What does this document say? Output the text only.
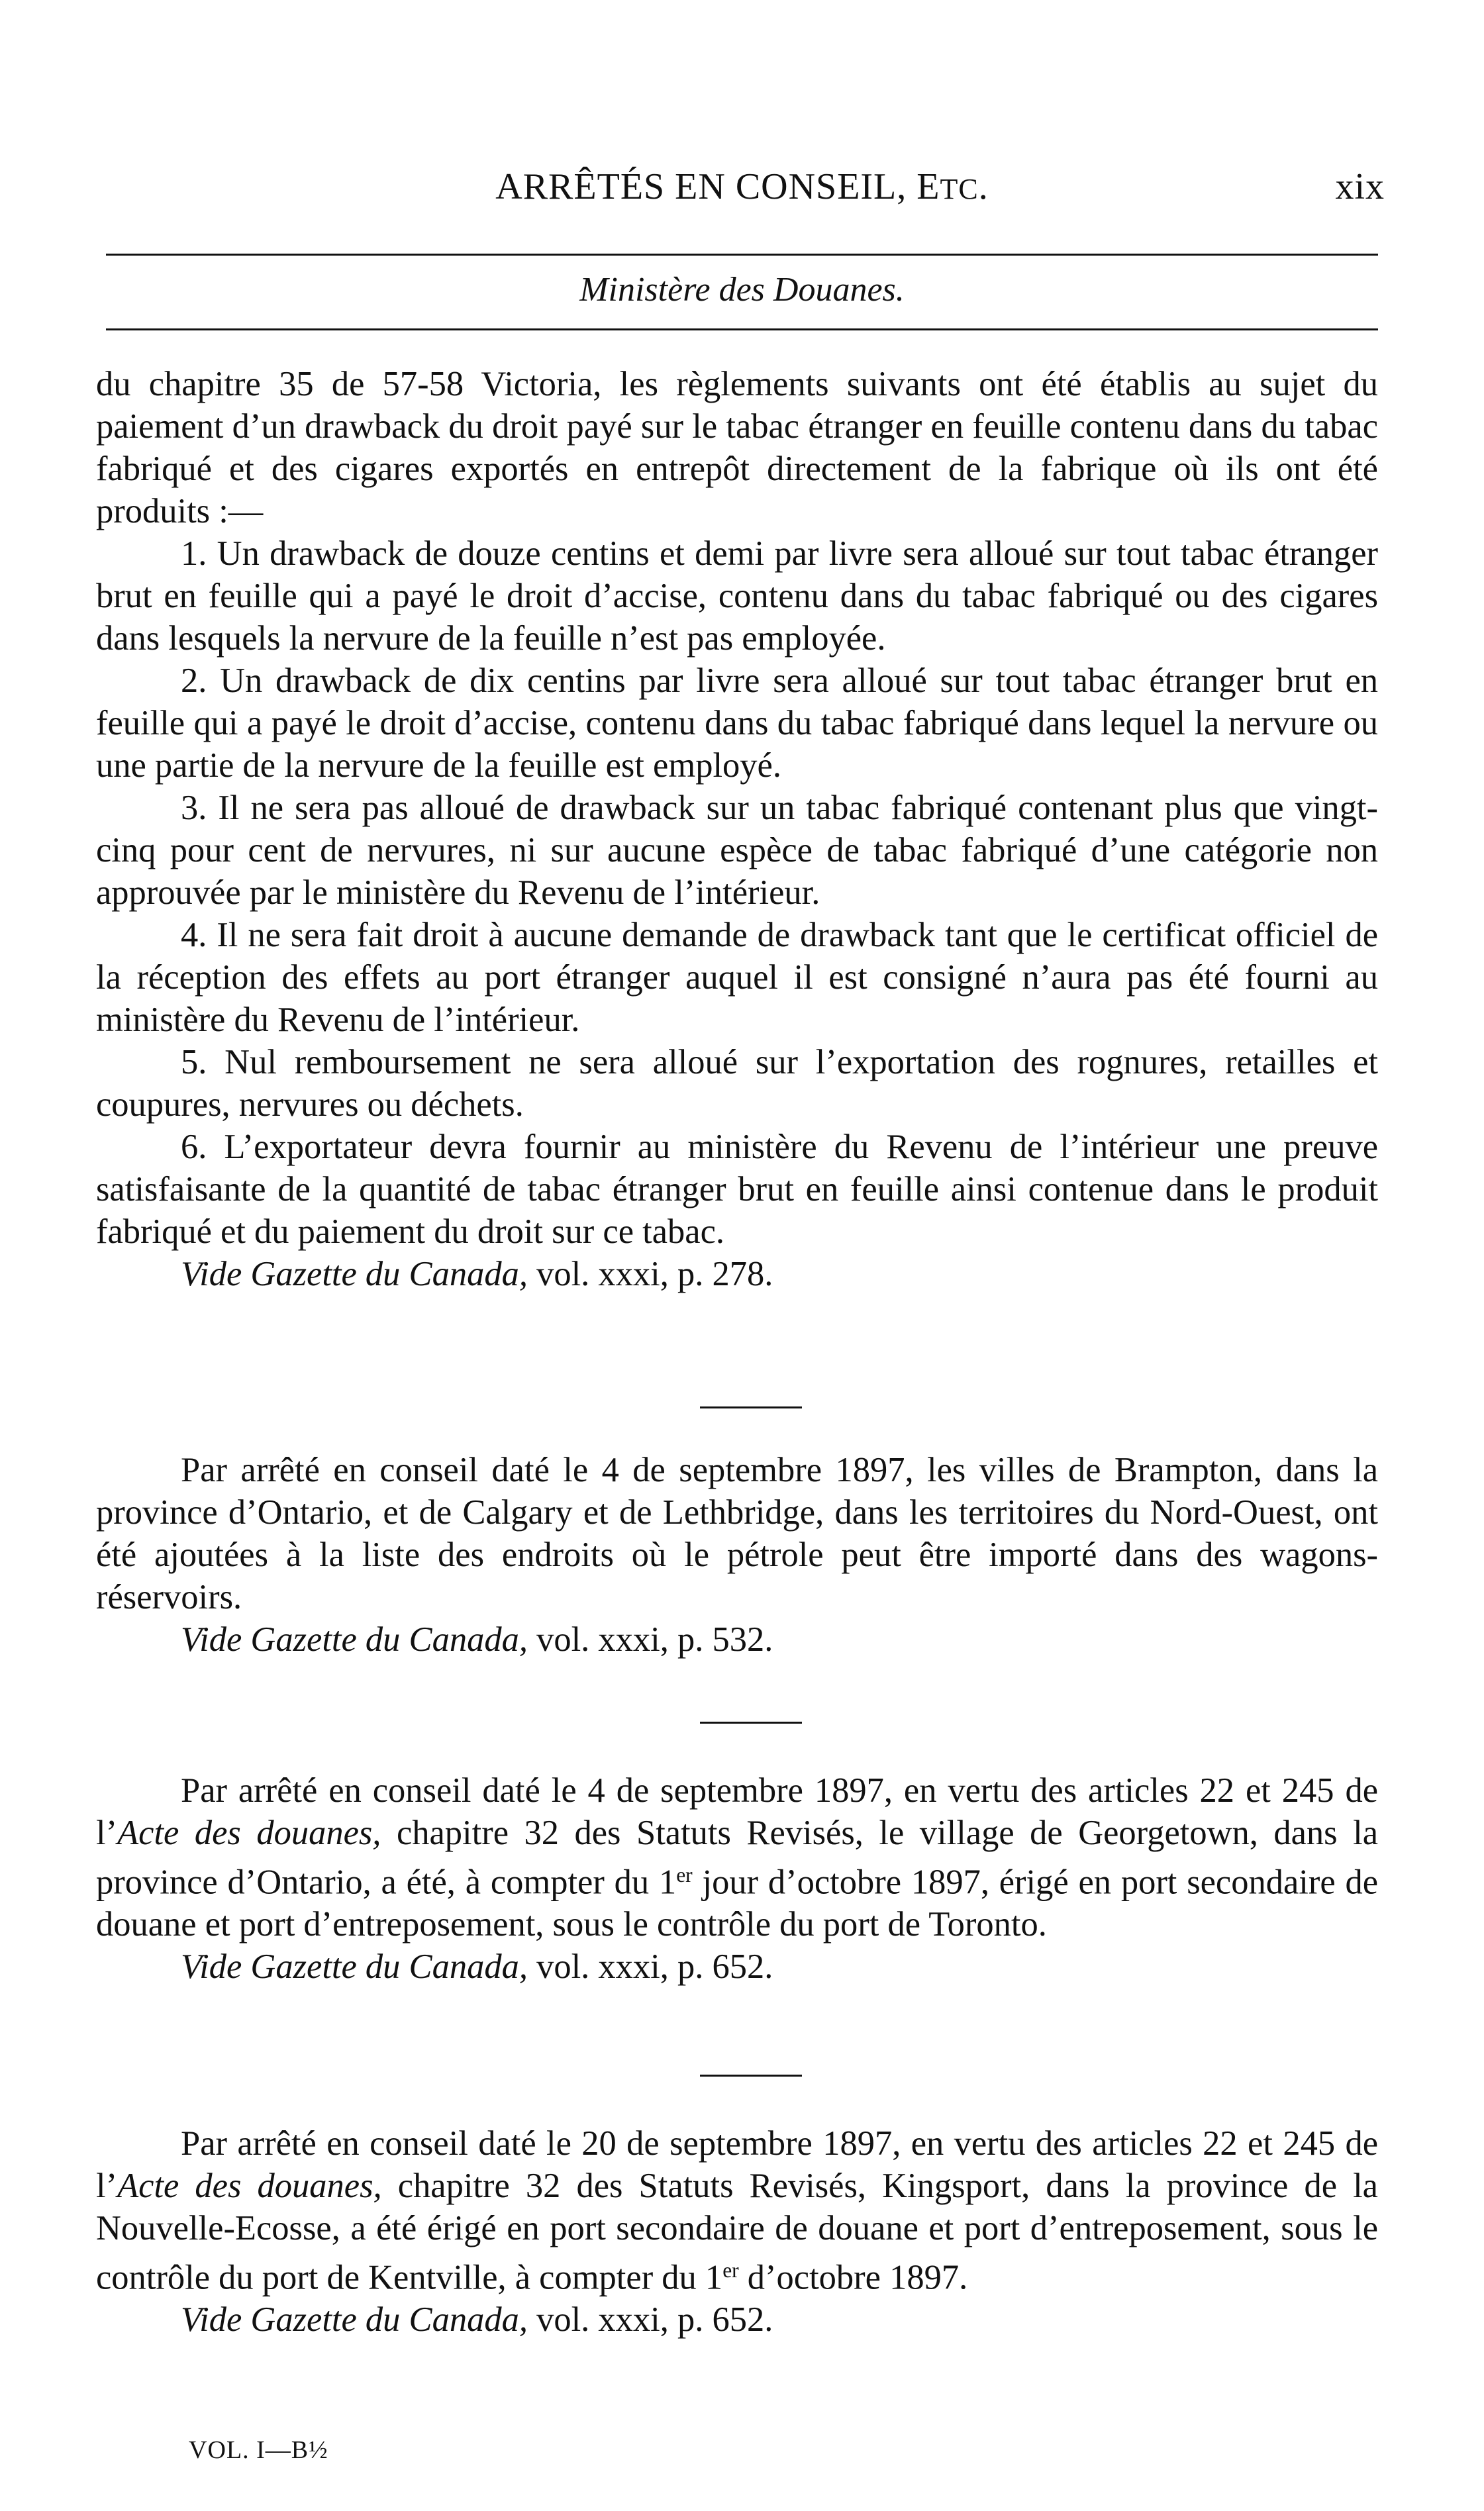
ARRÊTÉS EN CONSEIL, ETC.	xix
Ministère des Douanes.

du chapitre 35 de 57-58 Victoria, les règlements suivants ont été établis au sujet du paiement d’un drawback du droit payé sur le tabac étranger en feuille contenu dans du tabac fabriqué et des cigares exportés en entrepôt directement de la fabrique où ils ont été produits :—

1. Un drawback de douze centins et demi par livre sera alloué sur tout tabac étranger brut en feuille qui a payé le droit d’accise, contenu dans du tabac fabriqué ou des cigares dans lesquels la nervure de la feuille n’est pas employée.

2. Un drawback de dix centins par livre sera alloué sur tout tabac étranger brut en feuille qui a payé le droit d’accise, contenu dans du tabac fabriqué dans lequel la nervure ou une partie de la nervure de la feuille est employé.

3. Il ne sera pas alloué de drawback sur un tabac fabriqué contenant plus que vingt-cinq pour cent de nervures, ni sur aucune espèce de tabac fabriqué d’une catégorie non approuvée par le ministère du Revenu de l’intérieur.

4. Il ne sera fait droit à aucune demande de drawback tant que le certificat officiel de la réception des effets au port étranger auquel il est consigné n’aura pas été fourni au ministère du Revenu de l’intérieur.

5. Nul remboursement ne sera alloué sur l’exportation des rognures, retailles et coupures, nervures ou déchets.

6. L’exportateur devra fournir au ministère du Revenu de l’intérieur une preuve satisfaisante de la quantité de tabac étranger brut en feuille ainsi contenue dans le produit fabriqué et du paiement du droit sur ce tabac.

Vide Gazette du Canada, vol. xxxi, p. 278.

Par arrêté en conseil daté le 4 de septembre 1897, les villes de Brampton, dans la province d’Ontario, et de Calgary et de Lethbridge, dans les territoires du Nord-Ouest, ont été ajoutées à la liste des endroits où le pétrole peut être importé dans des wagons-réservoirs.

Vide Gazette du Canada, vol. xxxi, p. 532.

Par arrêté en conseil daté le 4 de septembre 1897, en vertu des articles 22 et 245 de l’Acte des douanes, chapitre 32 des Statuts Revisés, le village de Georgetown, dans la province d’Ontario, a été, à compter du 1er jour d’octobre 1897, érigé en port secondaire de douane et port d’entreposement, sous le contrôle du port de Toronto.

Vide Gazette du Canada, vol. xxxi, p. 652.

Par arrêté en conseil daté le 20 de septembre 1897, en vertu des articles 22 et 245 de l’Acte des douanes, chapitre 32 des Statuts Revisés, Kingsport, dans la province de la Nouvelle-Ecosse, a été érigé en port secondaire de douane et port d’entreposement, sous le contrôle du port de Kentville, à compter du 1er d’octobre 1897.

Vide Gazette du Canada, vol. xxxi, p. 652.

VOL. I—B½
